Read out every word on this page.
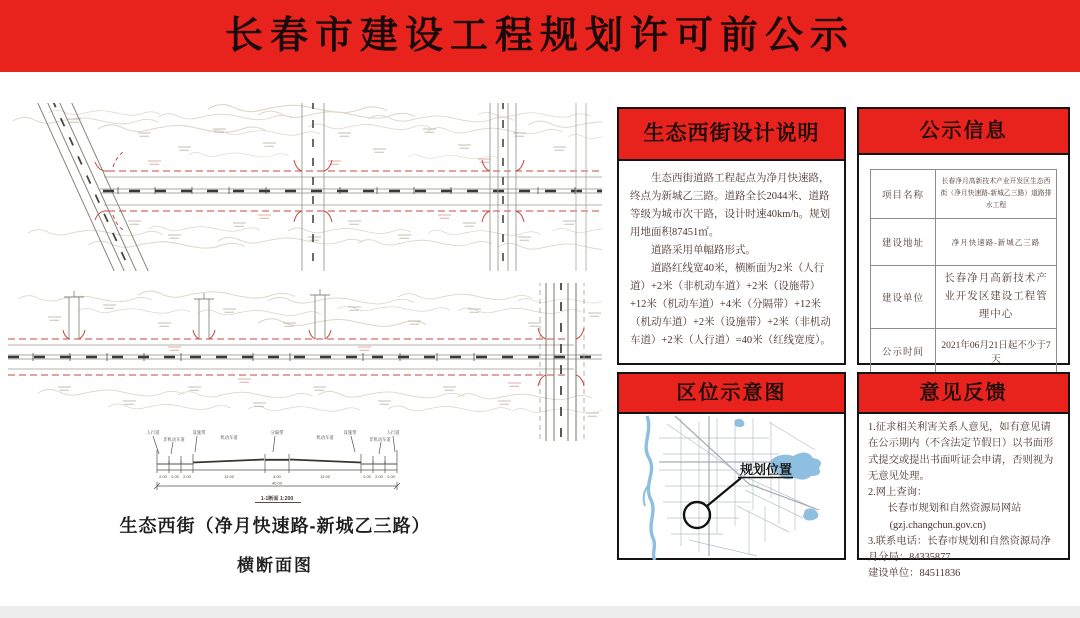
长春市建设工程规划许可前公示
人行道
非机动车道
设施带
机动车道
分隔带
机动车道
设施带
非机动车道
人行道
2.00 2.00 2.00	12.00	4.00	12.00	2.00 2.00 2.00
40.00
1-1断面 1:200
生态西街（净月快速路-新城乙三路）
横断面图
生态西街设计说明

生态西街道路工程起点为净月快速路，终点为新城乙三路。道路全长2044米、道路等级为城市次干路，设计时速40km/h。规划用地面积87451㎡。

道路采用单幅路形式。

道路红线宽40米，横断面为2米（人行道）+2米（非机动车道）+2米（设施带）+12米（机动车道）+4米（分隔带）+12米（机动车道）+2米（设施带）+2米（非机动车道）+2米（人行道）=40米（红线宽度）。

公示信息
项目名称	长春净月高新技术产业开发区生态西街（净月快速路-新城乙三路）道路排水工程
建设地址	净月快速路-新城乙三路
建设单位	长春净月高新技术产业开发区建设工程管理中心
公示时间	2021年06月21日起不少于7天
区位示意图
规划位置
意见反馈
1.征求相关利害关系人意见，如有意见请在公示期内（不含法定节假日）以书面形式提交或提出书面听证会申请，否则视为无意见处理。
2.网上查询：
长春市规划和自然资源局网站
(gzj.changchun.gov.cn)
3.联系电话：长春市规划和自然资源局净月分局：84335877
建设单位：84511836
